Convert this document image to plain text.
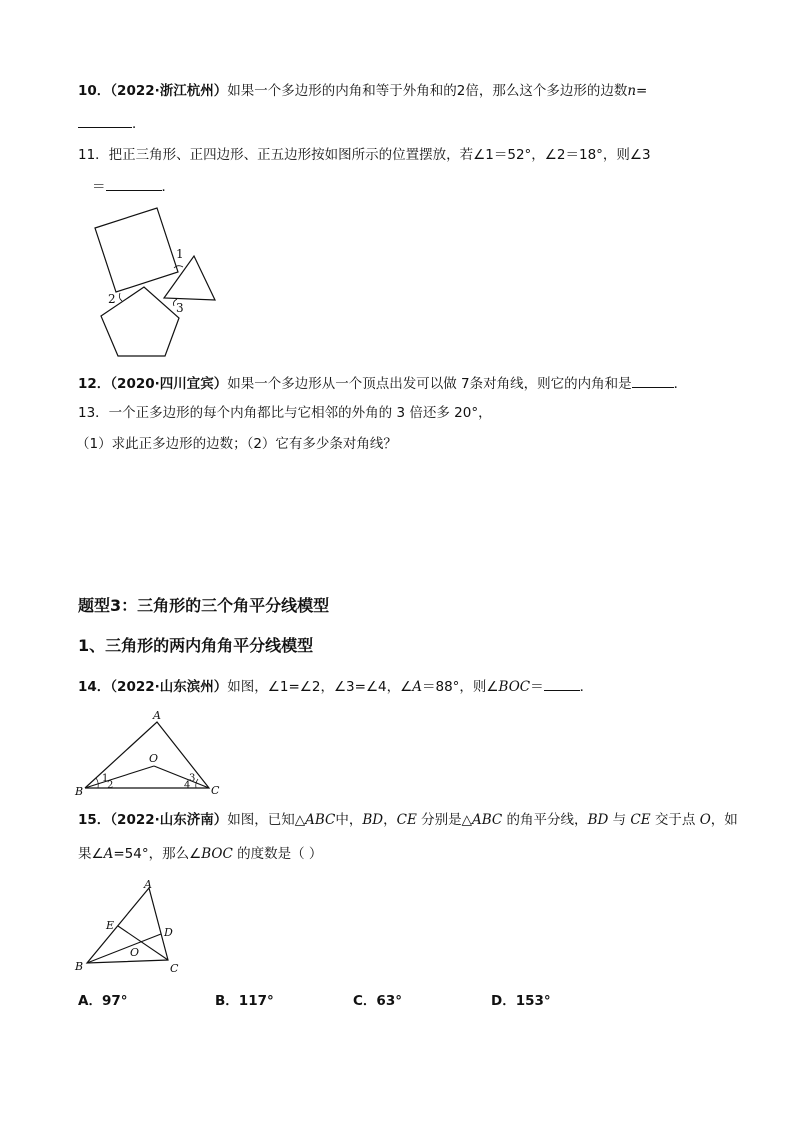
10．（2022·浙江杭州）如果一个多边形的内角和等于外角和的2倍，那么这个多边形的边数n=
．
11．把正三角形、正四边形、正五边形按如图所示的位置摆放，若∠1＝52°，∠2＝18°，则∠3
＝	．
1
2
3
12．（2020·四川宜宾）如果一个多边形从一个顶点出发可以做 7条对角线，则它的内角和是	．
13．一个正多边形的每个内角都比与它相邻的外角的 3 倍还多 20°，
（1）求此正多边形的边数；（2）它有多少条对角线？
题型3：三角形的三个角平分线模型
1、三角形的两内角角平分线模型
14．（2022·山东滨州）如图，∠1=∠2，∠3=∠4，∠A＝88°，则∠BOC＝	．
A
B	C
O
1
2
3
4
15．（2022·山东济南）如图，已知△ABC中，BD，CE 分别是△ABC 的角平分线，BD 与 CE 交于点 O，如
果∠A=54°，那么∠BOC 的度数是（ ）
A
B	C
D
E
O
A．97°	B．117°	C．63°	D．153°
